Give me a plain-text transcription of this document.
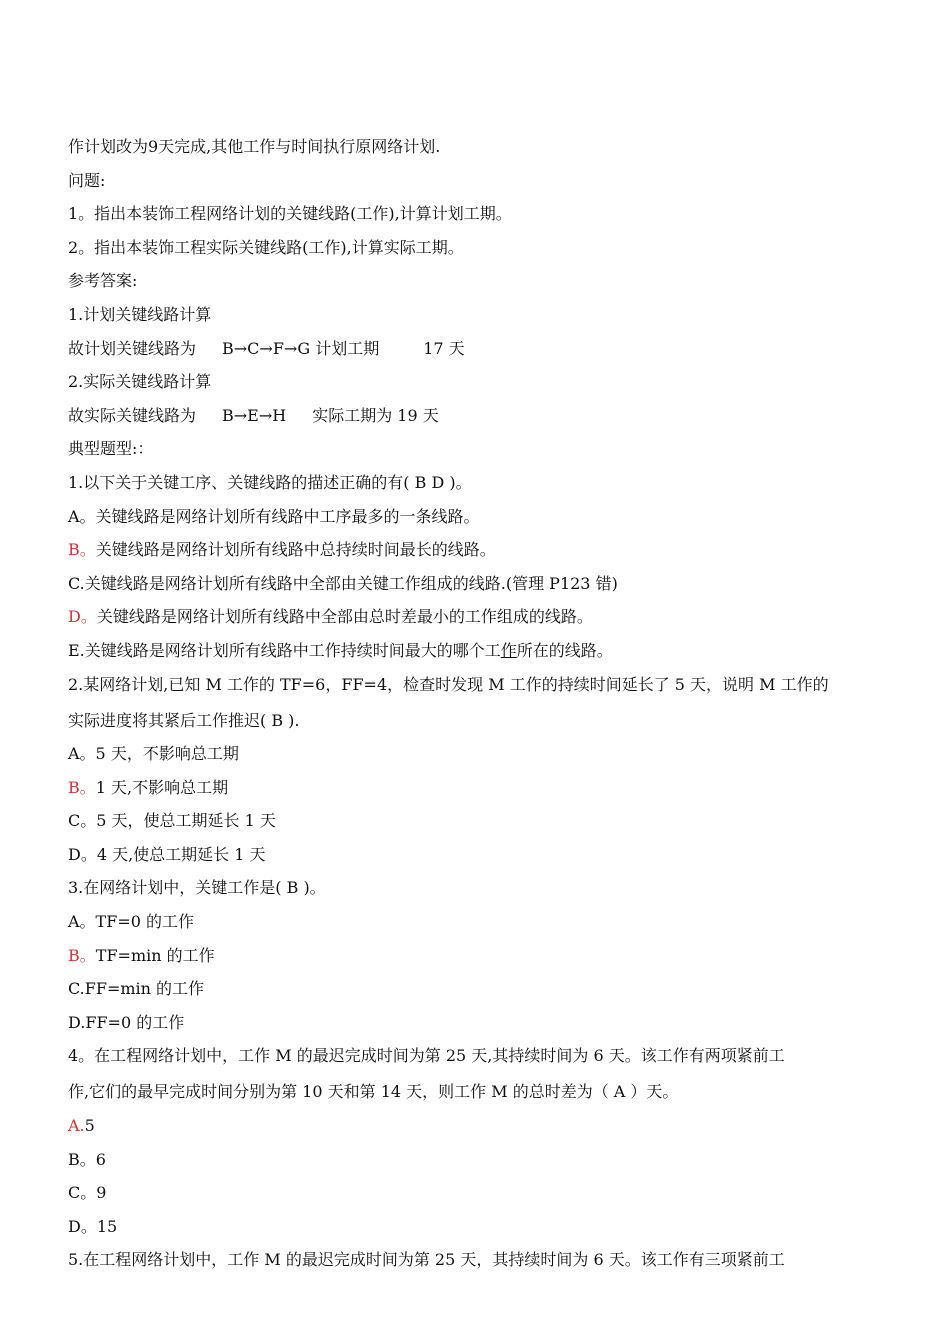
作计划改为9天完成,其他工作与时间执行原网络计划.
问题:
1。指出本装饰工程网络计划的关键线路(工作),计算计划工期。
2。指出本装饰工程实际关键线路(工作),计算实际工期。
参考答案:
1.计划关键线路计算
故计划关键线路为 B→C→F→G 计划工期	17 天
2.实际关键线路计算
故实际关键线路为 B→E→H 实际工期为 19 天
典型题型:：
1.以下关于关键工序、关键线路的描述正确的有( B D )。
A。关键线路是网络计划所有线路中工序最多的一条线路。
B。关键线路是网络计划所有线路中总持续时间最长的线路。
C.关键线路是网络计划所有线路中全部由关键工作组成的线路.(管理 P123 错)
D。关键线路是网络计划所有线路中全部由总时差最小的工作组成的线路。
E.关键线路是网络计划所有线路中工作持续时间最大的哪个工作所在的线路。
2.某网络计划,已知 M 工作的 TF=6，FF=4，检查时发现 M 工作的持续时间延长了 5 天，说明 M 工作的
实际进度将其紧后工作推迟( B ).
A。5 天，不影响总工期
B。1 天,不影响总工期
C。5 天，使总工期延长 1 天
D。4 天,使总工期延长 1 天
3.在网络计划中，关键工作是( B )。
A。TF=0 的工作
B。TF=min 的工作
C.FF=min 的工作
D.FF=0 的工作
4。在工程网络计划中，工作 M 的最迟完成时间为第 25 天,其持续时间为 6 天。该工作有两项紧前工
作,它们的最早完成时间分别为第 10 天和第 14 天，则工作 M 的总时差为（ A ）天。
A.5
B。6
C。9
D。15
5.在工程网络计划中，工作 M 的最迟完成时间为第 25 天，其持续时间为 6 天。该工作有三项紧前工
